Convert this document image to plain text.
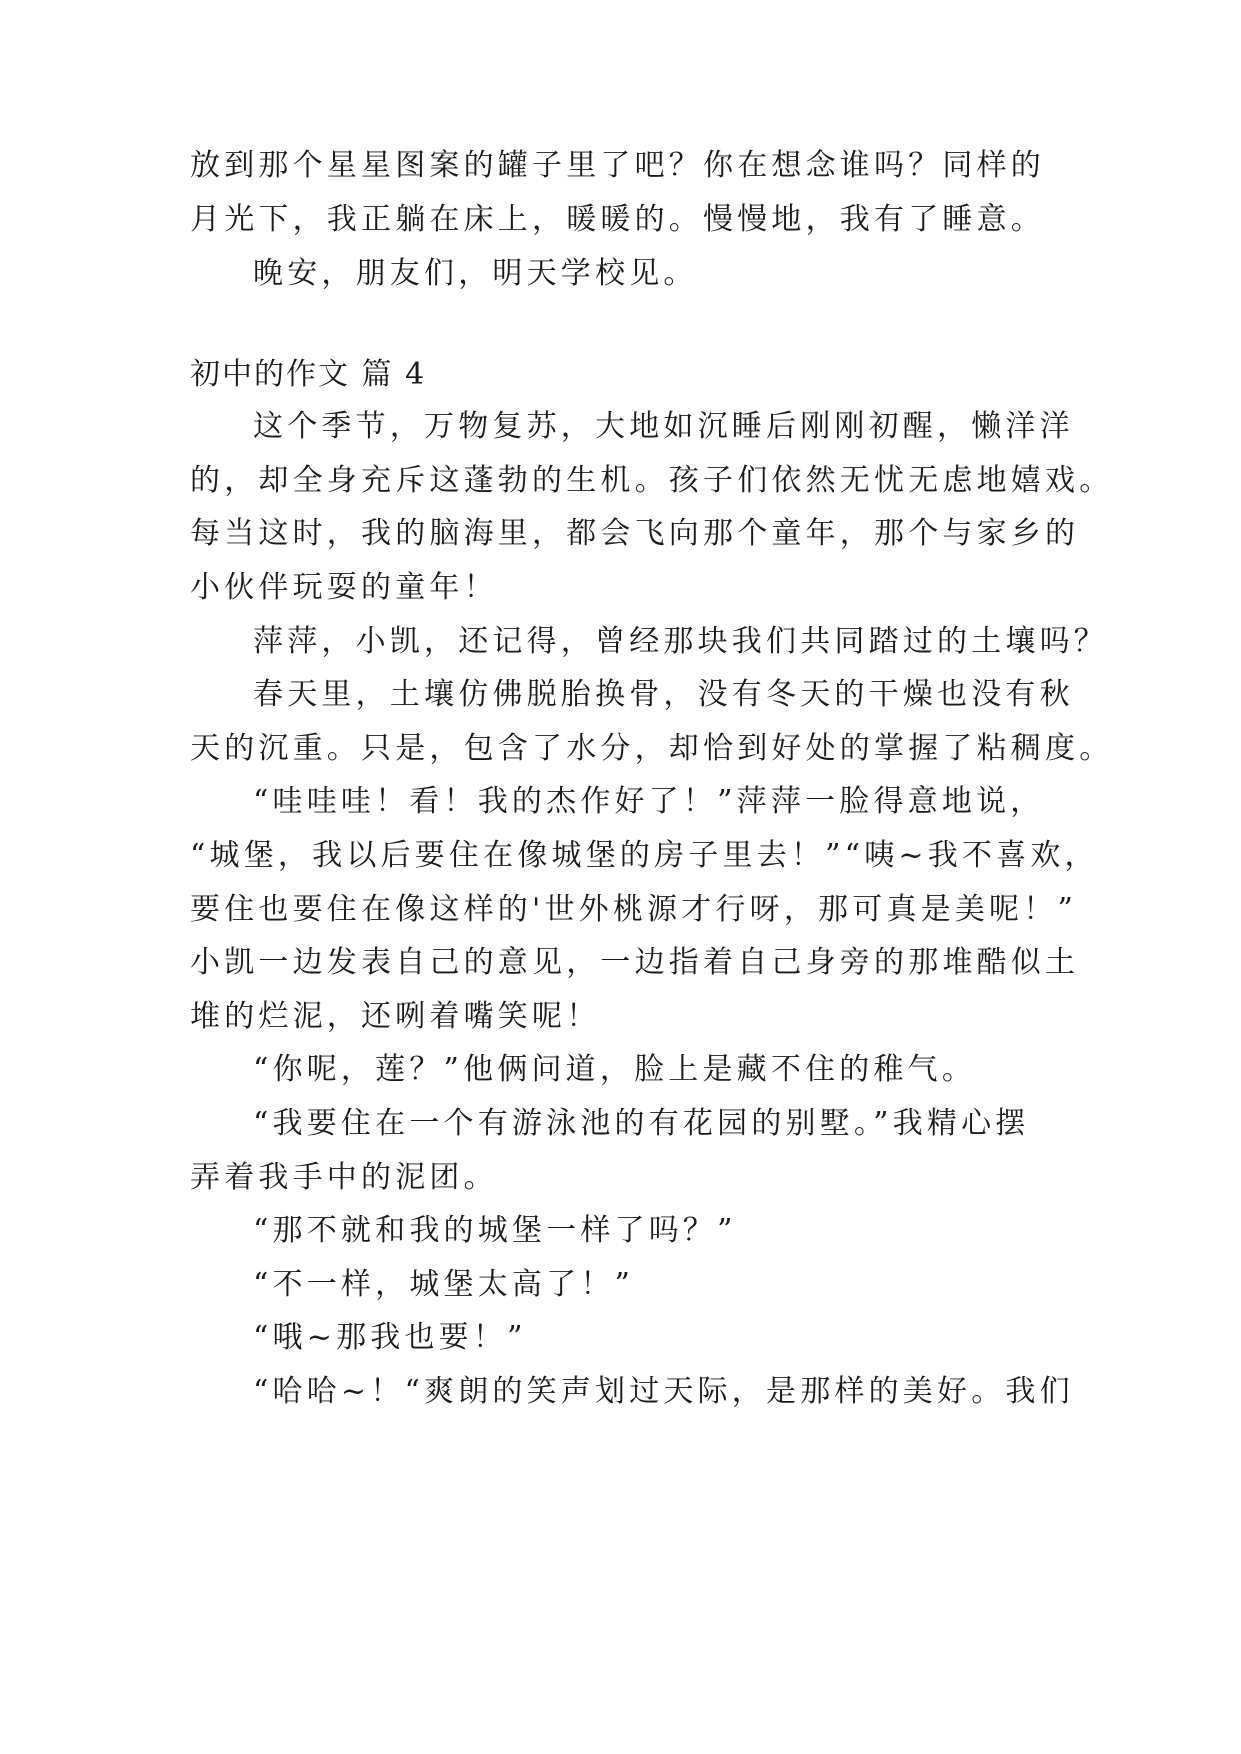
放到那个星星图案的罐子里了吧？你在想念谁吗？同样的
月光下，我正躺在床上，暖暖的。慢慢地，我有了睡意。
晚安，朋友们，明天学校见。
初中的作文 篇 4
这个季节，万物复苏，大地如沉睡后刚刚初醒，懒洋洋
的，却全身充斥这蓬勃的生机。孩子们依然无忧无虑地嬉戏。
每当这时，我的脑海里，都会飞向那个童年，那个与家乡的
小伙伴玩耍的童年！
萍萍，小凯，还记得，曾经那块我们共同踏过的土壤吗？
春天里，土壤仿佛脱胎换骨，没有冬天的干燥也没有秋
天的沉重。只是，包含了水分，却恰到好处的掌握了粘稠度。
“哇哇哇！看！我的杰作好了！”萍萍一脸得意地说，
“城堡，我以后要住在像城堡的房子里去！”“咦~我不喜欢，
要住也要住在像这样的'世外桃源才行呀，那可真是美呢！”
小凯一边发表自己的意见，一边指着自己身旁的那堆酷似土
堆的烂泥，还咧着嘴笑呢！
“你呢，莲？”他俩问道，脸上是藏不住的稚气。
“我要住在一个有游泳池的有花园的别墅。”我精心摆
弄着我手中的泥团。
“那不就和我的城堡一样了吗？”
“不一样，城堡太高了！”
“哦~那我也要！”
“哈哈~！“爽朗的笑声划过天际，是那样的美好。我们
